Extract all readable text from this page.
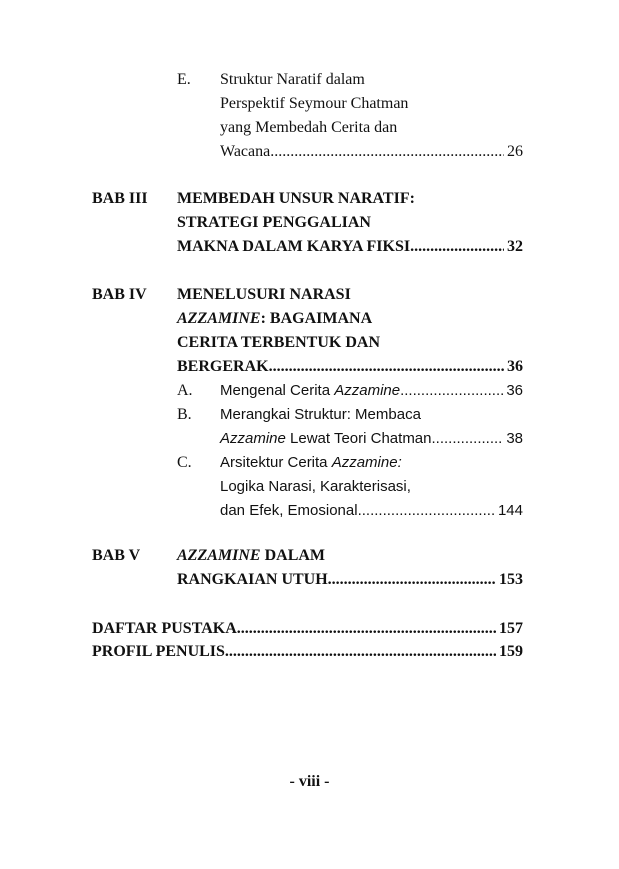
E. Struktur Naratif dalam
Perspektif Seymour Chatman
yang Membedah Cerita dan
Wacana .....	26
BAB III MEMBEDAH UNSUR NARATIF:
STRATEGI PENGGALIAN
MAKNA DALAM KARYA FIKSI .....	32
BAB IV MENELUSURI NARASI
AZZAMINE: BAGAIMANA
CERITA TERBENTUK DAN
BERGERAK .....	36
A. Mengenal Cerita Azzamine .....	36
B. Merangkai Struktur: Membaca
Azzamine Lewat Teori Chatman .....	38
C. Arsitektur Cerita Azzamine:
Logika Narasi, Karakterisasi,
dan Efek, Emosional .....	144
BAB V AZZAMINE DALAM
RANGKAIAN UTUH .....	153
DAFTAR PUSTAKA .....	157
PROFIL PENULIS .....	159
- viii -
